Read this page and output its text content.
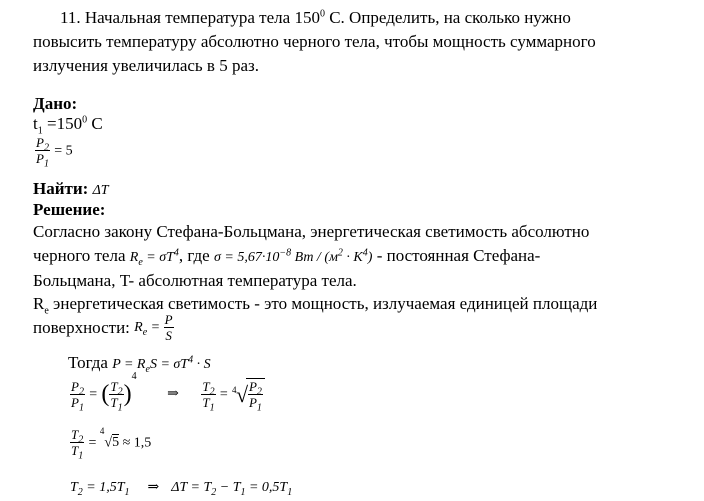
11. Начальная температура тела $150^0$ С. Определить, на сколько нужно
повысить температуру абсолютно черного тела, чтобы мощность суммарного
излучения увеличилась в 5 раз.
Дано:
$t_1 =150^0$ С
$\frac{P_2}{P_1} = 5$
Найти: ΔT
Решение:
Согласно закону Стефана-Больцмана, энергетическая светимость абсолютно
черного тела $R_e = \sigma T^4$, где $\sigma = 5,67\cdot 10^{-8}$ Вт / $(м^2 \cdot K^4)$ - постоянная Стефана-
Больцмана, T- абсолютная температура тела.
$R_e$ энергетическая светимость - это мощность, излучаемая единицей площади
поверхности: $R_e = \frac{P}{S}$
Тогда $P = R_eS = \sigma T^4 \cdot S$
$\frac{P_2}{P_1}$ = ( $\frac{T_2}{T_1} )^4$  ⇒ $\frac{T_2}{T_1} = 4$ √ $\frac{P_2}{P_1}$
$\frac{T_2}{T_1} = ^4√5 \approx 1,5$
$T_2 = 1,5T_1$ ⇒ $\Delta T = T_2 - T_1 = 0,5T_1$
